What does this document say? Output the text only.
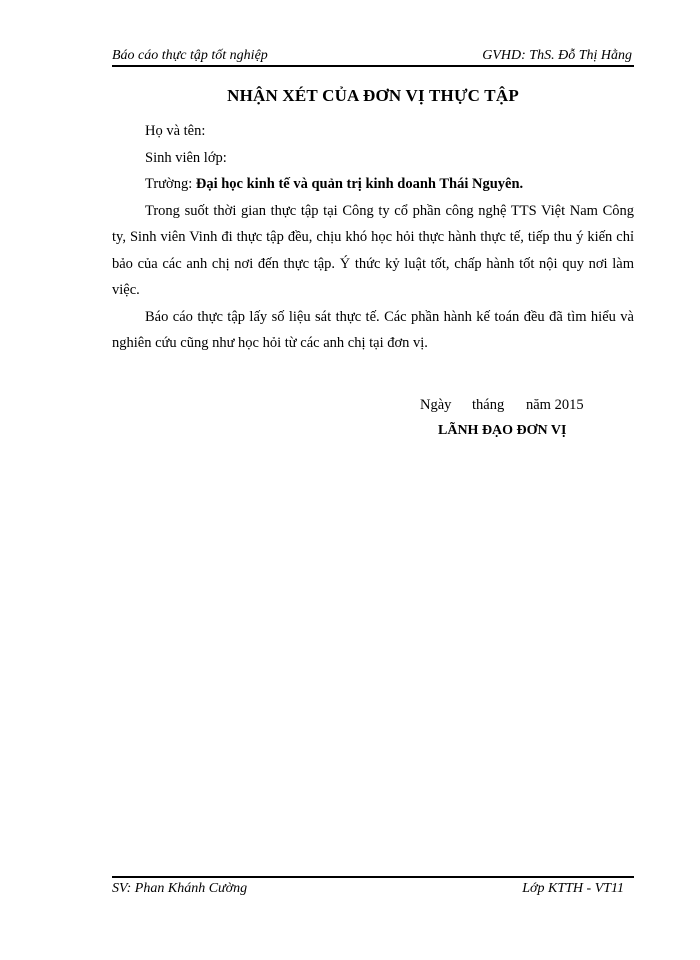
Báo cáo thực tập tốt nghiệp	GVHD: ThS. Đỗ Thị Hằng
NHẬN XÉT CỦA ĐƠN VỊ THỰC TẬP

Họ và tên:

Sinh viên lớp:

Trường: Đại học kinh tế và quản trị kinh doanh Thái Nguyên.

Trong suốt thời gian thực tập tại Công ty cổ phần công nghệ TTS Việt Nam Công ty, Sinh viên Vinh đi thực tập đều, chịu khó học hỏi thực hành thực tế, tiếp thu ý kiến chỉ bảo của các anh chị nơi đến thực tập. Ý thức kỷ luật tốt, chấp hành tốt nội quy nơi làm việc.

Báo cáo thực tập lấy số liệu sát thực tế. Các phần hành kế toán đều đã tìm hiểu và nghiên cứu cũng như học hỏi từ các anh chị tại đơn vị.

Ngày tháng năm 2015
LÃNH ĐẠO ĐƠN VỊ
SV: Phan Khánh Cường	Lớp KTTH - VT11
